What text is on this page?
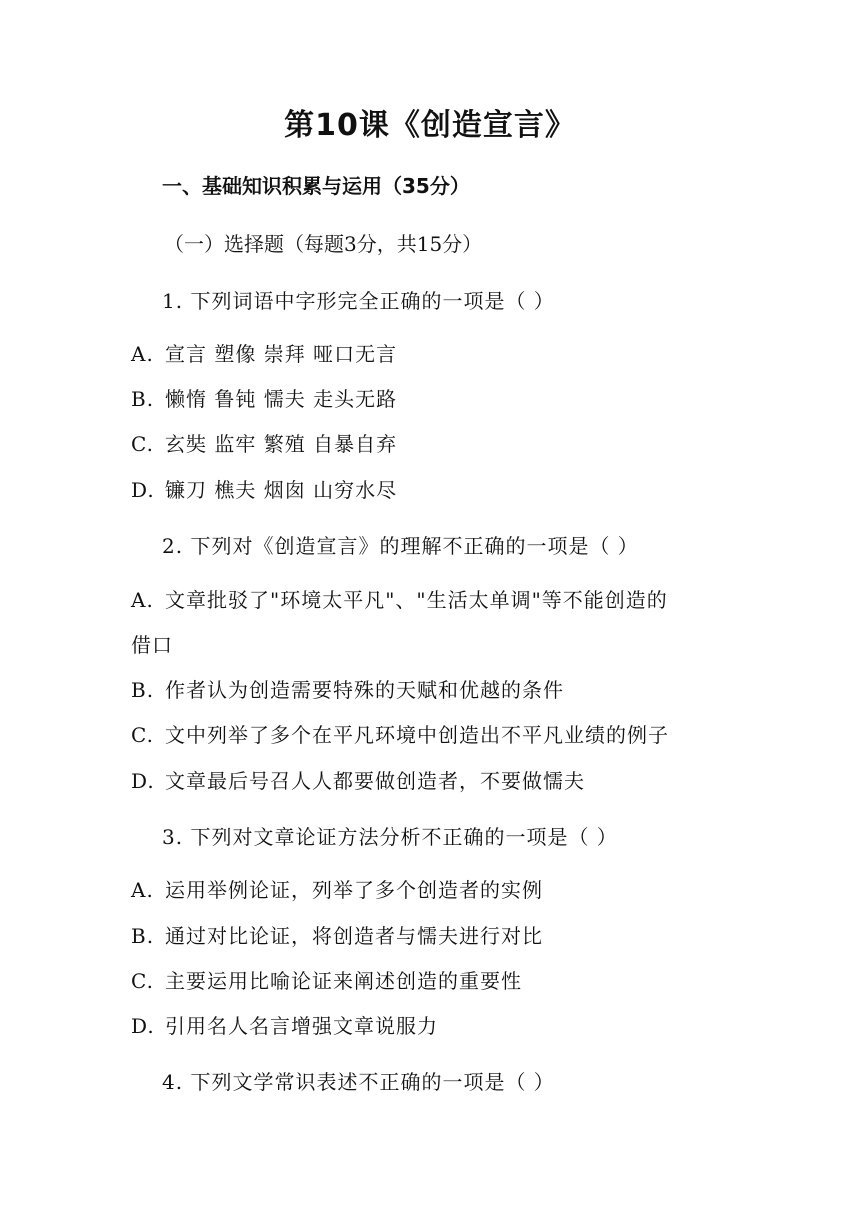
第10课《创造宣言》
一、基础知识积累与运用（35分）
（一）选择题（每题3分，共15分）
1. 下列词语中字形完全正确的一项是（ ）
A. 宣言 塑像 崇拜 哑口无言
B. 懒惰 鲁钝 懦夫 走头无路
C. 玄奘 监牢 繁殖 自暴自弃
D. 镰刀 樵夫 烟囱 山穷水尽
2. 下列对《创造宣言》的理解不正确的一项是（ ）
A. 文章批驳了"环境太平凡"、"生活太单调"等不能创造的
借口
B. 作者认为创造需要特殊的天赋和优越的条件
C. 文中列举了多个在平凡环境中创造出不平凡业绩的例子
D. 文章最后号召人人都要做创造者，不要做懦夫
3. 下列对文章论证方法分析不正确的一项是（ ）
A. 运用举例论证，列举了多个创造者的实例
B. 通过对比论证，将创造者与懦夫进行对比
C. 主要运用比喻论证来阐述创造的重要性
D. 引用名人名言增强文章说服力
4. 下列文学常识表述不正确的一项是（ ）
